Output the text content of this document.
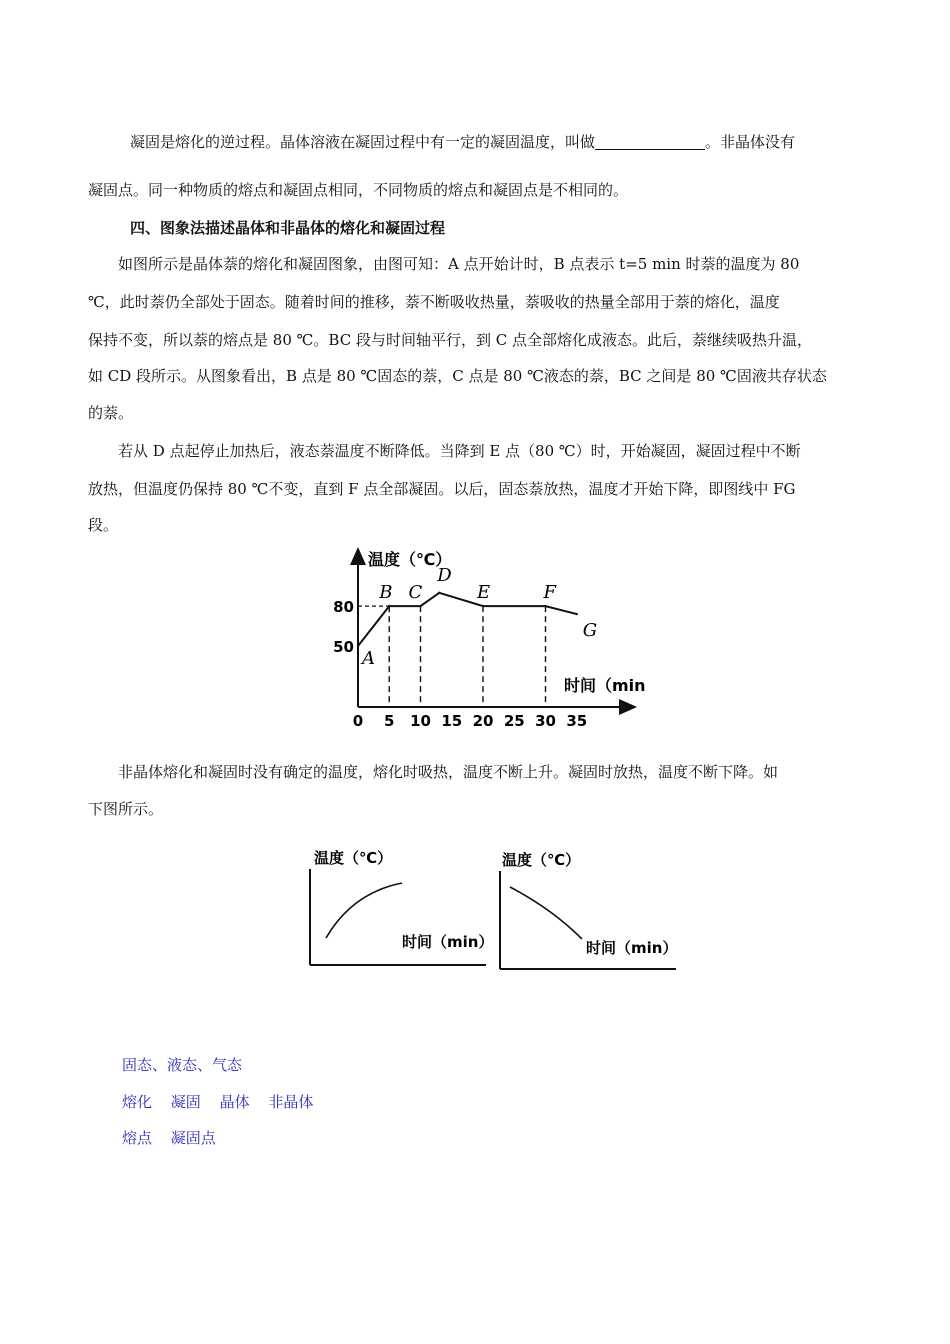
凝固是熔化的逆过程。晶体溶液在凝固过程中有一定的凝固温度，叫做	。非晶体没有
凝固点。同一种物质的熔点和凝固点相同，不同物质的熔点和凝固点是不相同的。
四、图象法描述晶体和非晶体的熔化和凝固过程
如图所示是晶体萘的熔化和凝固图象，由图可知：A 点开始计时，B 点表示 t=5 min 时萘的温度为 80
℃，此时萘仍全部处于固态。随着时间的推移，萘不断吸收热量，萘吸收的热量全部用于萘的熔化，温度
保持不变，所以萘的熔点是 80 ℃。BC 段与时间轴平行，到 C 点全部熔化成液态。此后，萘继续吸热升温，
如 CD 段所示。从图象看出，B 点是 80 ℃固态的萘，C 点是 80 ℃液态的萘，BC 之间是 80 ℃固液共存状态
的萘。
若从 D 点起停止加热后，液态萘温度不断降低。当降到 E 点（80 ℃）时，开始凝固，凝固过程中不断
放热，但温度仍保持 80 ℃不变，直到 F 点全部凝固。以后，固态萘放热，温度才开始下降，即图线中 FG
段。
温度（℃）
时间（min
0 5 10 15 20 25 30 35
50
80
A
B C
D
E	F
G
非晶体熔化和凝固时没有确定的温度，熔化时吸热，温度不断上升。凝固时放热，温度不断下降。如
下图所示。
温度（℃）
时间（min）
温度（℃）
时间（min）
固态、液态、气态
熔化 凝固 晶体 非晶体
熔点 凝固点
